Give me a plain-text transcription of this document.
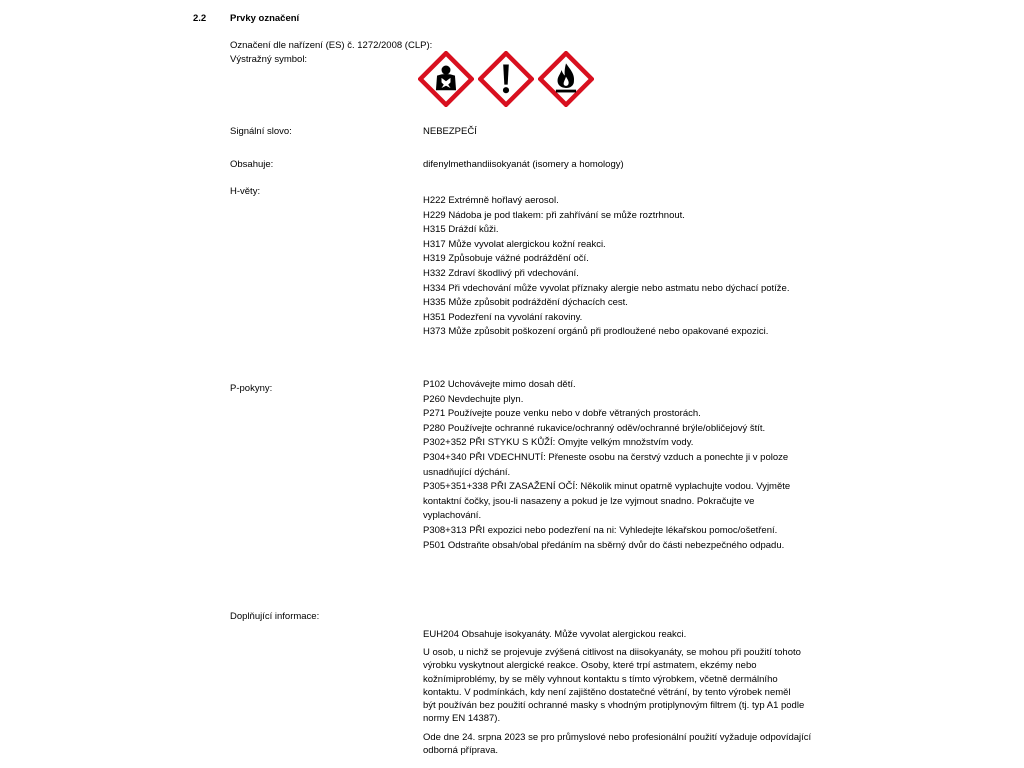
2.2	Prvky označení
Označení dle nařízení (ES) č. 1272/2008 (CLP):
Výstražný symbol:
Signální slovo:	NEBEZPEČÍ
Obsahuje:	difenylmethandiisokyanát (isomery a homology)
H-věty:
H222 Extrémně hořlavý aerosol.
H229 Nádoba je pod tlakem: při zahřívání se může roztrhnout.
H315 Dráždí kůži.
H317 Může vyvolat alergickou kožní reakci.
H319 Způsobuje vážné podráždění očí.
H332 Zdraví škodlivý při vdechování.
H334 Při vdechování může vyvolat příznaky alergie nebo astmatu nebo dýchací potíže.
H335 Může způsobit podráždění dýchacích cest.
H351 Podezření na vyvolání rakoviny.
H373 Může způsobit poškození orgánů při prodloužené nebo opakované expozici.
P-pokyny:	P102 Uchovávejte mimo dosah dětí.
P260 Nevdechujte plyn.
P271 Používejte pouze venku nebo v dobře větraných prostorách.
P280 Používejte ochranné rukavice/ochranný oděv/ochranné brýle/obličejový štít.
P302+352 PŘI STYKU S KŮŽÍ: Omyjte velkým množstvím vody.
P304+340 PŘI VDECHNUTÍ: Přeneste osobu na čerstvý vzduch a ponechte ji v poloze
usnadňující dýchání.
P305+351+338 PŘI ZASAŽENÍ OČÍ: Několik minut opatrně vyplachujte vodou. Vyjměte
kontaktní čočky, jsou-li nasazeny a pokud je lze vyjmout snadno. Pokračujte ve
vyplachování.
P308+313 PŘI expozici nebo podezření na ni: Vyhledejte lékařskou pomoc/ošetření.
P501 Odstraňte obsah/obal předáním na sběrný dvůr do části nebezpečného odpadu.
Doplňující informace:
EUH204 Obsahuje isokyanáty. Může vyvolat alergickou reakci.
U osob, u nichž se projevuje zvýšená citlivost na diisokyanáty, se mohou při použití tohoto
výrobku vyskytnout alergické reakce. Osoby, které trpí astmatem, ekzémy nebo
kožnímiproblémy, by se měly vyhnout kontaktu s tímto výrobkem, včetně dermálního
kontaktu. V podmínkách, kdy není zajištěno dostatečné větrání, by tento výrobek neměl
být používán bez použití ochranné masky s vhodným protiplynovým filtrem (tj. typ A1 podle
normy EN 14387).
Ode dne 24. srpna 2023 se pro průmyslové nebo profesionální použití vyžaduje odpovídající
odborná příprava.
